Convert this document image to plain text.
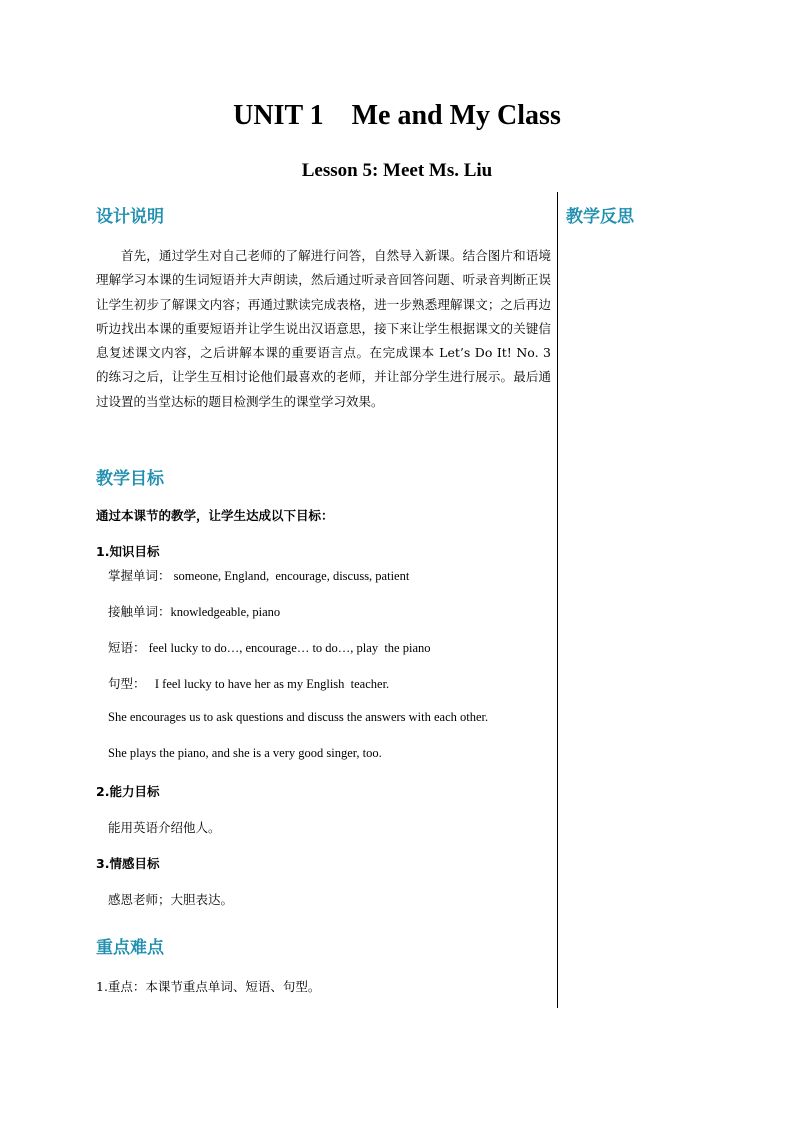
UNIT 1    Me and My Class
Lesson 5: Meet Ms. Liu
设计说明	教学反思
首先，通过学生对自己老师的了解进行问答，自然导入新课。结合图片和语境理解学习本课的生词短语并大声朗读，然后通过听录音回答问题、听录音判断正误让学生初步了解课文内容；再通过默读完成表格，进一步熟悉理解课文；之后再边听边找出本课的重要短语并让学生说出汉语意思，接下来让学生根据课文的关键信息复述课文内容，之后讲解本课的重要语言点。在完成课本 Let’s Do It! No. 3 的练习之后，让学生互相讨论他们最喜欢的老师，并让部分学生进行展示。最后通过设置的当堂达标的题目检测学生的课堂学习效果。
教学目标
通过本课节的教学，让学生达成以下目标：
1.知识目标
掌握单词： someone, England,  encourage, discuss, patient
接触单词：knowledgeable, piano
短语： feel lucky to do…, encourage… to do…, play  the piano
句型：   I feel lucky to have her as my English  teacher.
She encourages us to ask questions and discuss the answers with each other.
She plays the piano, and she is a very good singer, too.
2.能力目标
能用英语介绍他人。
3.情感目标
感恩老师；大胆表达。
重点难点
1.重点：本课节重点单词、短语、句型。
